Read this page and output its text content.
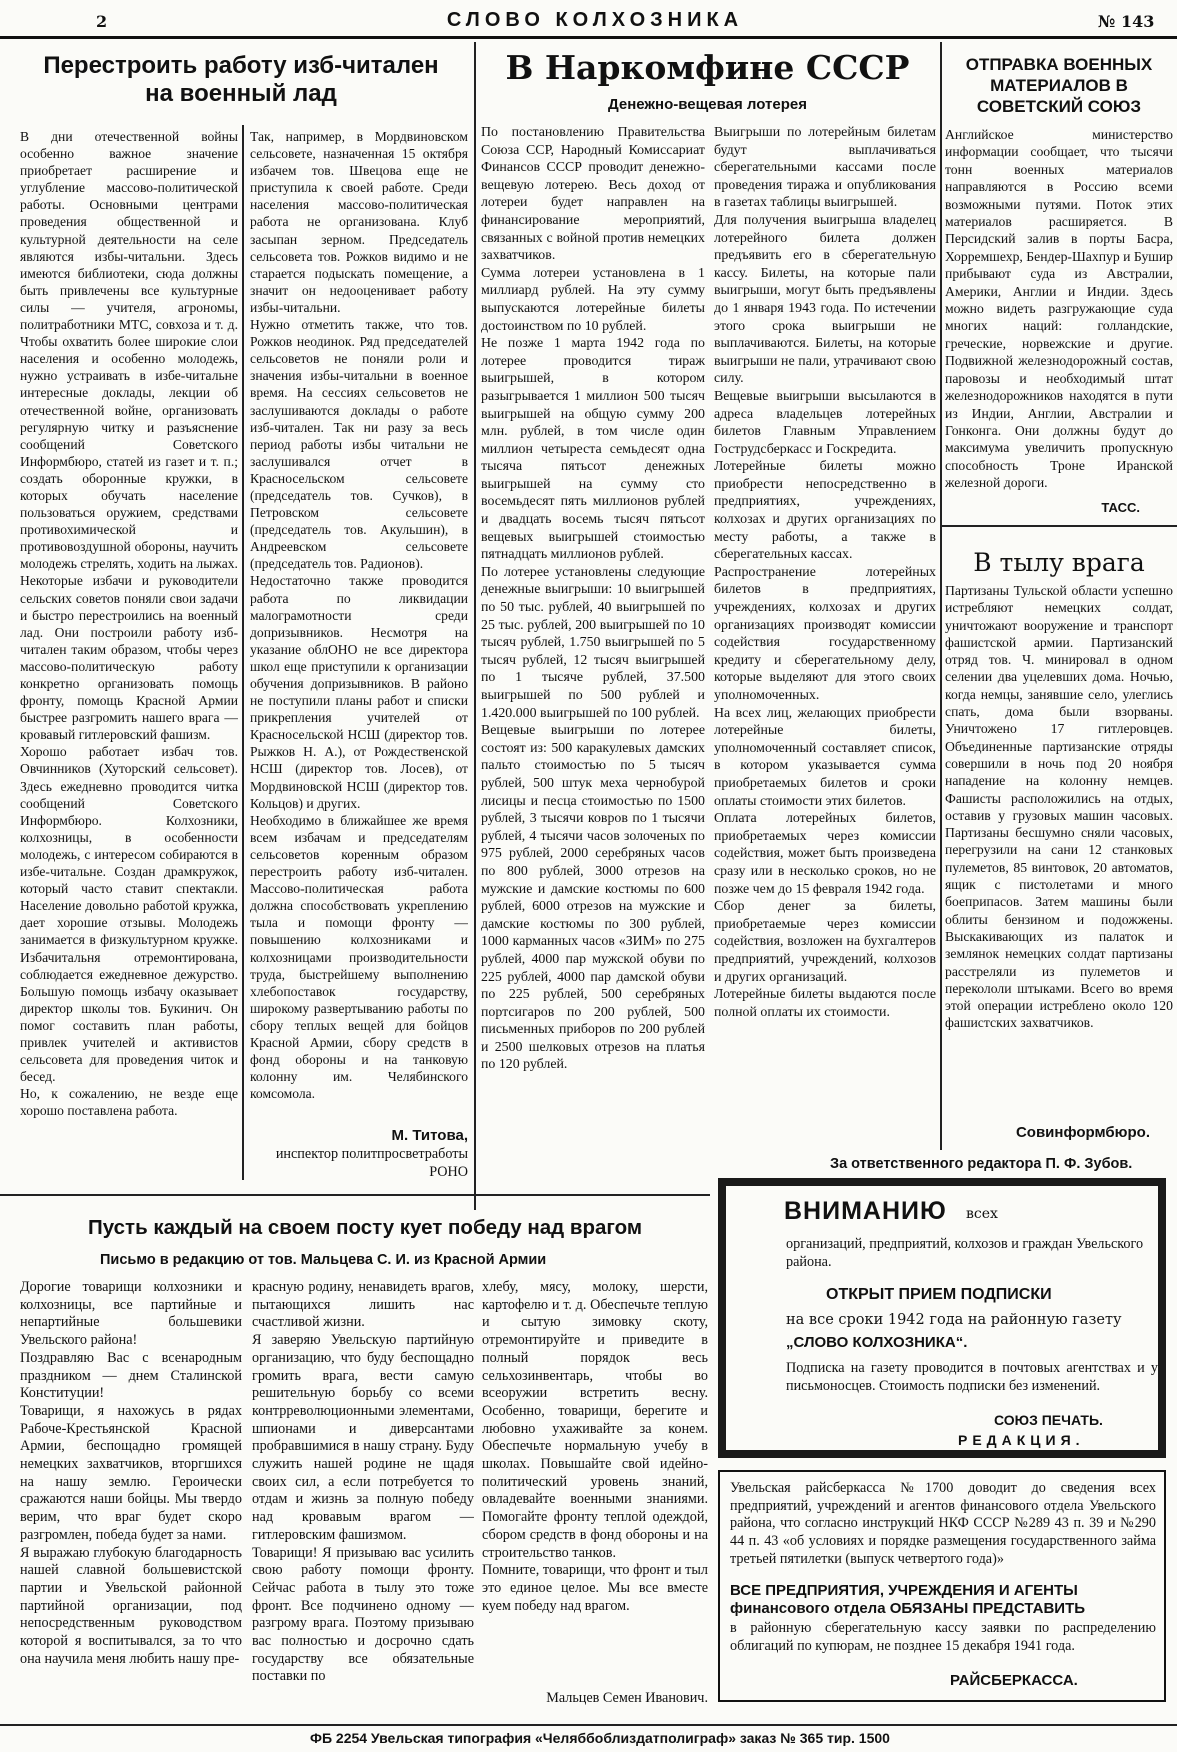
2	СЛОВО КОЛХОЗНИКА	№ 143
Перестроить работу изб-читален
на военный лад
В дни отечественной войны особенно важное значение приобретает расширение и углубление массово-политической работы. Основными центрами проведения общественной и культурной деятельности на селе являются избы-читальни. Здесь имеются библиотеки, сюда должны быть привлечены все культурные силы — учителя, агрономы, политработники МТС, совхоза и т. д. Чтобы охватить более широкие слои населения и особенно молодежь, нужно устраивать в избе-читальне интересные доклады, лекции об отечественной войне, организовать регулярную читку и разъяснение сообщений Советского Информбюро, статей из газет и т. п.; создать оборонные кружки, в которых обучать население пользоваться оружием, средствами противохимической и противовоздушной обороны, научить молодежь стрелять, ходить на лыжах.
Некоторые избачи и руководители сельских советов поняли свои задачи и быстро перестроились на военный лад. Они построили работу изб-читален таким образом, чтобы через массово-политическую работу конкретно организовать помощь фронту, помощь Красной Армии быстрее разгромить нашего врага — кровавый гитлеровский фашизм.
Хорошо работает избач тов. Овчинников (Хуторский сельсовет). Здесь ежедневно проводится читка сообщений Советского Информбюро. Колхозники, колхозницы, в особенности молодежь, с интересом собираются в избе-читальне. Создан драмкружок, который часто ставит спектакли. Население довольно работой кружка, дает хорошие отзывы. Молодежь занимается в физкультурном кружке. Избачитальня отремонтирована, соблюдается ежедневное дежурство. Большую помощь избачу оказывает директор школы тов. Букинич. Он помог составить план работы, привлек учителей и активистов сельсовета для проведения читок и бесед.
Но, к сожалению, не везде еще хорошо поставлена работа.
Так, например, в Мордвиновском сельсовете, назначенная 15 октября избачем тов. Швецова еще не приступила к своей работе. Среди населения массово-политическая работа не организована. Клуб засыпан зерном. Председатель сельсовета тов. Рожков видимо и не старается подыскать помещение, а значит он недооценивает работу избы-читальни.
Нужно отметить также, что тов. Рожков неодинок. Ряд председателей сельсоветов не поняли роли и значения избы-читальни в военное время. На сессиях сельсоветов не заслушиваются доклады о работе изб-читален. Так ни разу за весь период работы избы читальни не заслушивался отчет в Красносельском сельсовете (председатель тов. Сучков), в Петровском сельсовете (председатель тов. Акульшин), в Андреевском сельсовете (председатель тов. Радионов).
Недостаточно также проводится работа по ликвидации малограмотности среди допризывников. Несмотря на указание облОНО не все директора школ еще приступили к организации обучения допризывников. В районо не поступили планы работ и списки прикрепления учителей от Красносельской НСШ (директор тов. Рыжков Н. А.), от Рождественской НСШ (директор тов. Лосев), от Мордвиновской НСШ (директор тов. Кольцов) и других.
Необходимо в ближайшее же время всем избачам и председателям сельсоветов коренным образом перестроить работу изб-читален. Массово-политическая работа должна способствовать укреплению тыла и помощи фронту — повышению колхозниками и колхозницами производительности труда, быстрейшему выполнению хлебопоставок государству, широкому развертыванию работы по сбору теплых вещей для бойцов Красной Армии, сбору средств в фонд обороны и на танковую колонну им. Челябинского комсомола.
М. Титова,
инспектор политпросветработы
РОНО
В Наркомфине СССР
Денежно-вещевая лотерея
По постановлению Правительства Союза ССР, Народный Комиссариат Финансов СССР проводит денежно-вещевую лотерею. Весь доход от лотереи будет направлен на финансирование мероприятий, связанных с войной против немецких захватчиков.
Сумма лотереи установлена в 1 миллиард рублей. На эту сумму выпускаются лотерейные билеты достоинством по 10 рублей.
Не позже 1 марта 1942 года по лотерее проводится тираж выигрышей, в котором разыгрывается 1 миллион 500 тысяч выигрышей на общую сумму 200 млн. рублей, в том числе один миллион четыреста семьдесят одна тысяча пятьсот денежных выигрышей на сумму сто восемьдесят пять миллионов рублей и двадцать восемь тысяч пятьсот вещевых выигрышей стоимостью пятнадцать миллионов рублей.
По лотерее установлены следующие денежные выигрыши: 10 выигрышей по 50 тыс. рублей, 40 выигрышей по 25 тыс. рублей, 200 выигрышей по 10 тысяч рублей, 1.750 выигрышей по 5 тысяч рублей, 12 тысяч выигрышей по 1 тысяче рублей, 37.500 выигрышей по 500 рублей и 1.420.000 выигрышей по 100 рублей.
Вещевые выигрыши по лотерее состоят из: 500 каракулевых дамских пальто стоимостью по 5 тысяч рублей, 500 штук меха чернобурой лисицы и песца стоимостью по 1500 рублей, 3 тысячи ковров по 1 тысячи рублей, 4 тысячи часов золоченых по 975 рублей, 2000 серебряных часов по 800 рублей, 3000 отрезов на мужские и дамские костюмы по 600 рублей, 6000 отрезов на мужские и дамские костюмы по 300 рублей, 1000 карманных часов «ЗИМ» по 275 рублей, 4000 пар мужской обуви по 225 рублей, 4000 пар дамской обуви по 225 рублей, 500 серебряных портсигаров по 200 рублей, 500 письменных приборов по 200 рублей и 2500 шелковых отрезов на платья по 120 рублей.
Выигрыши по лотерейным билетам будут выплачиваться сберегательными кассами после проведения тиража и опубликования в газетах таблицы выигрышей.
Для получения выигрыша владелец лотерейного билета должен предъявить его в сберегательную кассу. Билеты, на которые пали выигрыши, могут быть предъявлены до 1 января 1943 года. По истечении этого срока выигрыши не выплачиваются. Билеты, на которые выигрыши не пали, утрачивают свою силу.
Вещевые выигрыши высылаются в адреса владельцев лотерейных билетов Главным Управлением Гострудсберкасс и Госкредита.
Лотерейные билеты можно приобрести непосредственно в предприятиях, учреждениях, колхозах и других организациях по месту работы, а также в сберегательных кассах.
Распространение лотерейных билетов в предприятиях, учреждениях, колхозах и других организациях производят комиссии содействия государственному кредиту и сберегательному делу, которые выделяют для этого своих уполномоченных.
На всех лиц, желающих приобрести лотерейные билеты, уполномоченный составляет список, в котором указывается сумма приобретаемых билетов и сроки оплаты стоимости этих билетов.
Оплата лотерейных билетов, приобретаемых через комиссии содействия, может быть произведена сразу или в несколько сроков, но не позже чем до 15 февраля 1942 года.
Сбор денег за билеты, приобретаемые через комиссии содействия, возложен на бухгалтеров предприятий, учреждений, колхозов и других организаций.
Лотерейные билеты выдаются после полной оплаты их стоимости.
ОТПРАВКА ВОЕННЫХ
МАТЕРИАЛОВ В
СОВЕТСКИЙ СОЮЗ
Английское министерство информации сообщает, что тысячи тонн военных материалов направляются в Россию всеми возможными путями. Поток этих материалов расширяется. В Персидский залив в порты Басра, Хорремшехр, Бендер-Шахпур и Бушир прибывают суда из Австралии, Америки, Англии и Индии. Здесь можно видеть разгружающие суда многих наций: голландские, греческие, норвежские и другие. Подвижной железнодорожный состав, паровозы и необходимый штат железнодорожников находятся в пути из Индии, Англии, Австралии и Гонконга. Они должны будут до максимума увеличить пропускную способность Троне Иранской железной дороги.
ТАСС.
В тылу врага
Партизаны Тульской области успешно истребляют немецких солдат, уничтожают вооружение и транспорт фашистской армии. Партизанский отряд тов. Ч. минировал в одном селении два уцелевших дома. Ночью, когда немцы, занявшие село, улеглись спать, дома были взорваны. Уничтожено 17 гитлеровцев. Объединенные партизанские отряды совершили в ночь под 20 ноября нападение на колонну немцев. Фашисты расположились на отдых, оставив у грузовых машин часовых. Партизаны бесшумно сняли часовых, перегрузили на сани 12 станковых пулеметов, 85 винтовок, 20 автоматов, ящик с пистолетами и много боеприпасов. Затем машины были облиты бензином и подожжены. Выскакивающих из палаток и землянок немецких солдат партизаны расстреляли из пулеметов и перекололи штыками. Всего во время этой операции истреблено около 120 фашистских захватчиков.
Совинформбюро.
За ответственного редактора П. Ф. Зубов.
ВНИМАНИЮ всех
организаций, предприятий, колхозов и граждан Увельского района.
ОТКРЫТ ПРИЕМ ПОДПИСКИ
на все сроки 1942 года на районную газету
„СЛОВО КОЛХОЗНИКА“.
Подписка на газету проводится в почтовых агентствах и у письмоносцев. Стоимость подписки без изменений.
СОЮЗ ПЕЧАТЬ.
РЕДАКЦИЯ.
Увельская райсберкасса №1700 доводит до сведения всех предприятий, учреждений и агентов финансового отдела Увельского района, что согласно инструкций НКФ СССР №289 43 п. 39 и №290 44 п. 43 «об условиях и порядке размещения государственного займа третьей пятилетки (выпуск четвертого года)»
ВСЕ ПРЕДПРИЯТИЯ, УЧРЕЖДЕНИЯ И АГЕНТЫ финансового отдела ОБЯЗАНЫ ПРЕДСТАВИТЬ
в районную сберегательную кассу заявки по распределению облигаций по купюрам, не позднее 15 декабря 1941 года.
РАЙСБЕРКАССА.
Пусть каждый на своем посту кует победу над врагом
Письмо в редакцию от тов. Мальцева С. И. из Красной Армии
Дорогие товарищи колхозники и колхозницы, все партийные и непартийные большевики Увельского района!
Поздравляю Вас с всенародным праздником — днем Сталинской Конституции!
Товарищи, я нахожусь в рядах Рабоче-Крестьянской Красной Армии, беспощадно громящей немецких захватчиков, вторгшихся на нашу землю. Героически сражаются наши бойцы. Мы твердо верим, что враг будет скоро разгромлен, победа будет за нами.
Я выражаю глубокую благодарность нашей славной большевистской партии и Увельской районной партийной организации, под непосредственным руководством которой я воспитывался, за то что она научила меня любить нашу пре-
красную родину, ненавидеть врагов, пытающихся лишить нас счастливой жизни.
Я заверяю Увельскую партийную организацию, что буду беспощадно громить врага, вести самую решительную борьбу со всеми контрреволюционными элементами, шпионами и диверсантами пробравшимися в нашу страну. Буду служить нашей родине не щадя своих сил, а если потребуется то отдам и жизнь за полную победу над кровавым врагом — гитлеровским фашизмом.
Товарищи! Я призываю вас усилить свою работу помощи фронту. Сейчас работа в тылу это тоже фронт. Все подчинено одному — разгрому врага. Поэтому призываю вас полностью и досрочно сдать государству все обязательные поставки по
хлебу, мясу, молоку, шерсти, картофелю и т. д. Обеспечьте теплую и сытую зимовку скоту, отремонтируйте и приведите в полный порядок весь сельхозинвентарь, чтобы во всеоружии встретить весну. Особенно, товарищи, берегите и любовно ухаживайте за конем. Обеспечьте нормальную учебу в школах. Повышайте свой идейно-политический уровень знаний, овладевайте военными знаниями. Помогайте фронту теплой одеждой, сбором средств в фонд обороны и на строительство танков.
Помните, товарищи, что фронт и тыл это единое целое. Мы все вместе куем победу над врагом.
Мальцев Семен Иванович.
ФБ 2254 Увельская типография «Челяббоблиздатполиграф» заказ № 365 тир. 1500
